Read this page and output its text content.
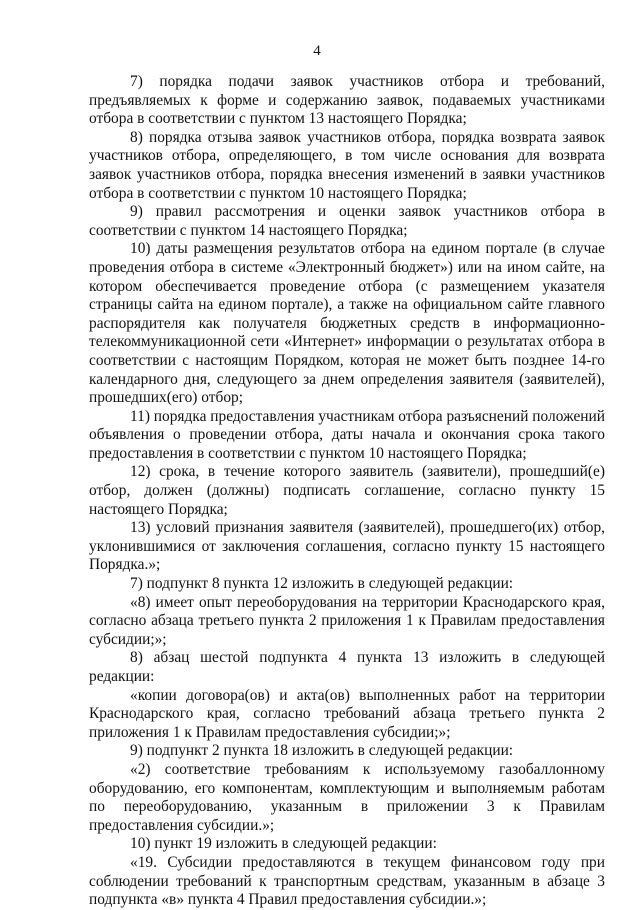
4

7) порядка подачи заявок участников отбора и требований, предъявляемых к форме и содержанию заявок, подаваемых участниками отбора в соответствии с пунктом 13 настоящего Порядка;

8) порядка отзыва заявок участников отбора, порядка возврата заявок участников отбора, определяющего, в том числе основания для возврата заявок участников отбора, порядка внесения изменений в заявки участников отбора в соответствии с пунктом 10 настоящего Порядка;

9) правил рассмотрения и оценки заявок участников отбора в соответствии с пунктом 14 настоящего Порядка;

10) даты размещения результатов отбора на едином портале (в случае проведения отбора в системе «Электронный бюджет») или на ином сайте, на котором обеспечивается проведение отбора (с размещением указателя страницы сайта на едином портале), а также на официальном сайте главного распорядителя как получателя бюджетных средств в информационно-телекоммуникационной сети «Интернет» информации о результатах отбора в соответствии с настоящим Порядком, которая не может быть позднее 14-го календарного дня, следующего за днем определения заявителя (заявителей), прошедших(его) отбор;

11) порядка предоставления участникам отбора разъяснений положений объявления о проведении отбора, даты начала и окончания срока такого предоставления в соответствии с пунктом 10 настоящего Порядка;

12) срока, в течение которого заявитель (заявители), прошедший(е) отбор, должен (должны) подписать соглашение, согласно пункту 15 настоящего Порядка;

13) условий признания заявителя (заявителей), прошедшего(их) отбор, уклонившимися от заключения соглашения, согласно пункту 15 настоящего Порядка.»;

7) подпункт 8 пункта 12 изложить в следующей редакции:

«8) имеет опыт переоборудования на территории Краснодарского края, согласно абзаца третьего пункта 2 приложения 1 к Правилам предоставления субсидии;»;

8) абзац шестой подпункта 4 пункта 13 изложить в следующей редакции:

«копии договора(ов) и акта(ов) выполненных работ на территории Краснодарского края, согласно требований абзаца третьего пункта 2 приложения 1 к Правилам предоставления субсидии;»;

9) подпункт 2 пункта 18 изложить в следующей редакции:

«2) соответствие требованиям к используемому газобаллонному оборудованию, его компонентам, комплектующим и выполняемым работам по переоборудованию, указанным в приложении 3 к Правилам предоставления субсидии.»;

10) пункт 19 изложить в следующей редакции:

«19. Субсидии предоставляются в текущем финансовом году при соблюдении требований к транспортным средствам, указанным в абзаце 3 подпункта «в» пункта 4 Правил предоставления субсидии.»;
